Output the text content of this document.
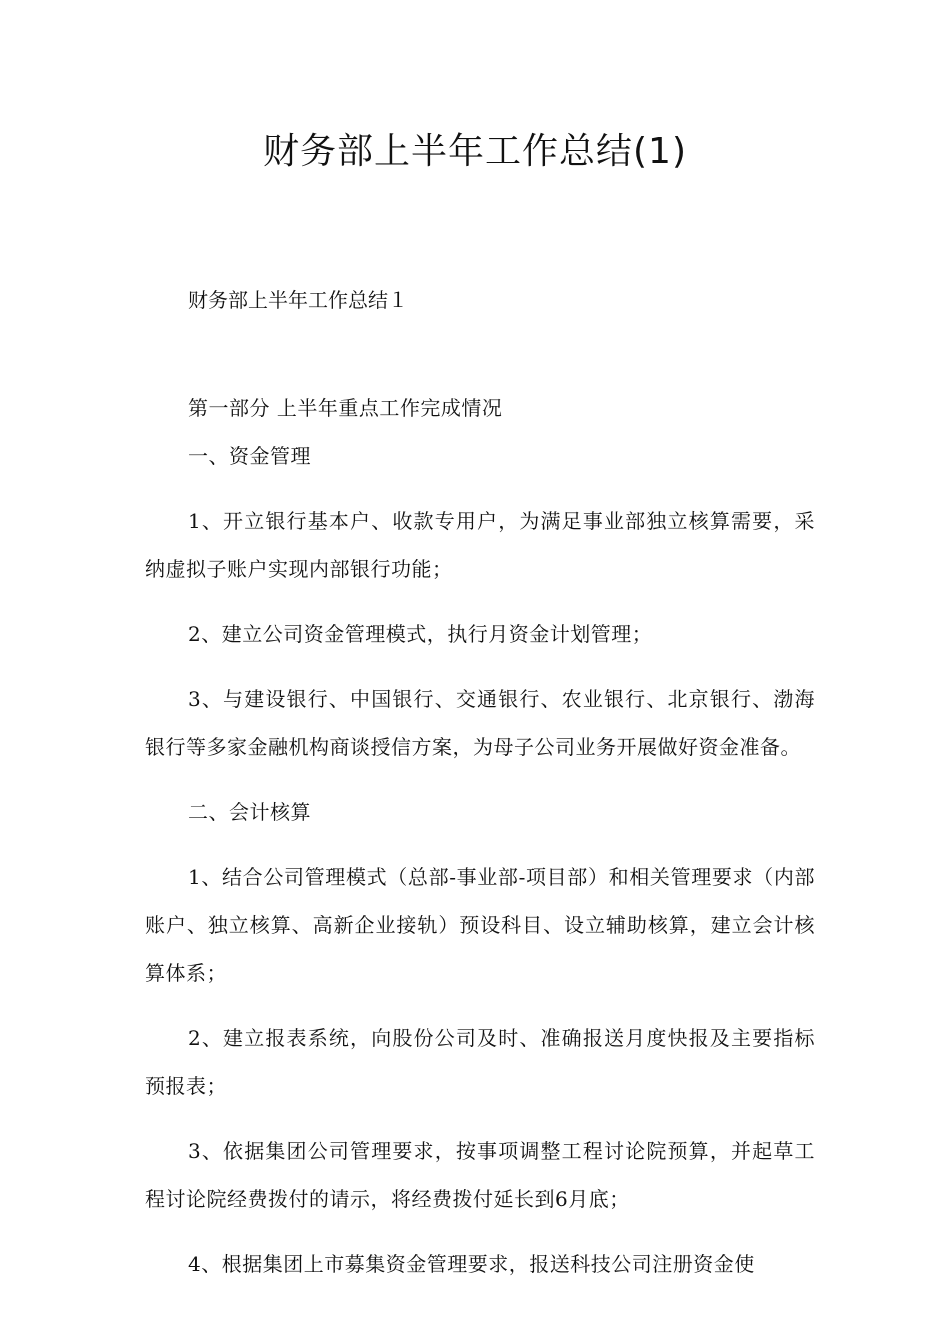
财务部上半年工作总结(1)
财务部上半年工作总结１

第一部分 上半年重点工作完成情况

一、资金管理

1、开立银行基本户、收款专用户，为满足事业部独立核算需要，采纳虚拟子账户实现内部银行功能；

2、建立公司资金管理模式，执行月资金计划管理；

3、与建设银行、中国银行、交通银行、农业银行、北京银行、渤海银行等多家金融机构商谈授信方案，为母子公司业务开展做好资金准备。

二、会计核算

1、结合公司管理模式（总部-事业部-项目部）和相关管理要求（内部账户、独立核算、高新企业接轨）预设科目、设立辅助核算，建立会计核算体系；

2、建立报表系统，向股份公司及时、准确报送月度快报及主要指标预报表；

3、依据集团公司管理要求，按事项调整工程讨论院预算，并起草工程讨论院经费拨付的请示，将经费拨付延长到6月底；

4、根据集团上市募集资金管理要求，报送科技公司注册资金使
